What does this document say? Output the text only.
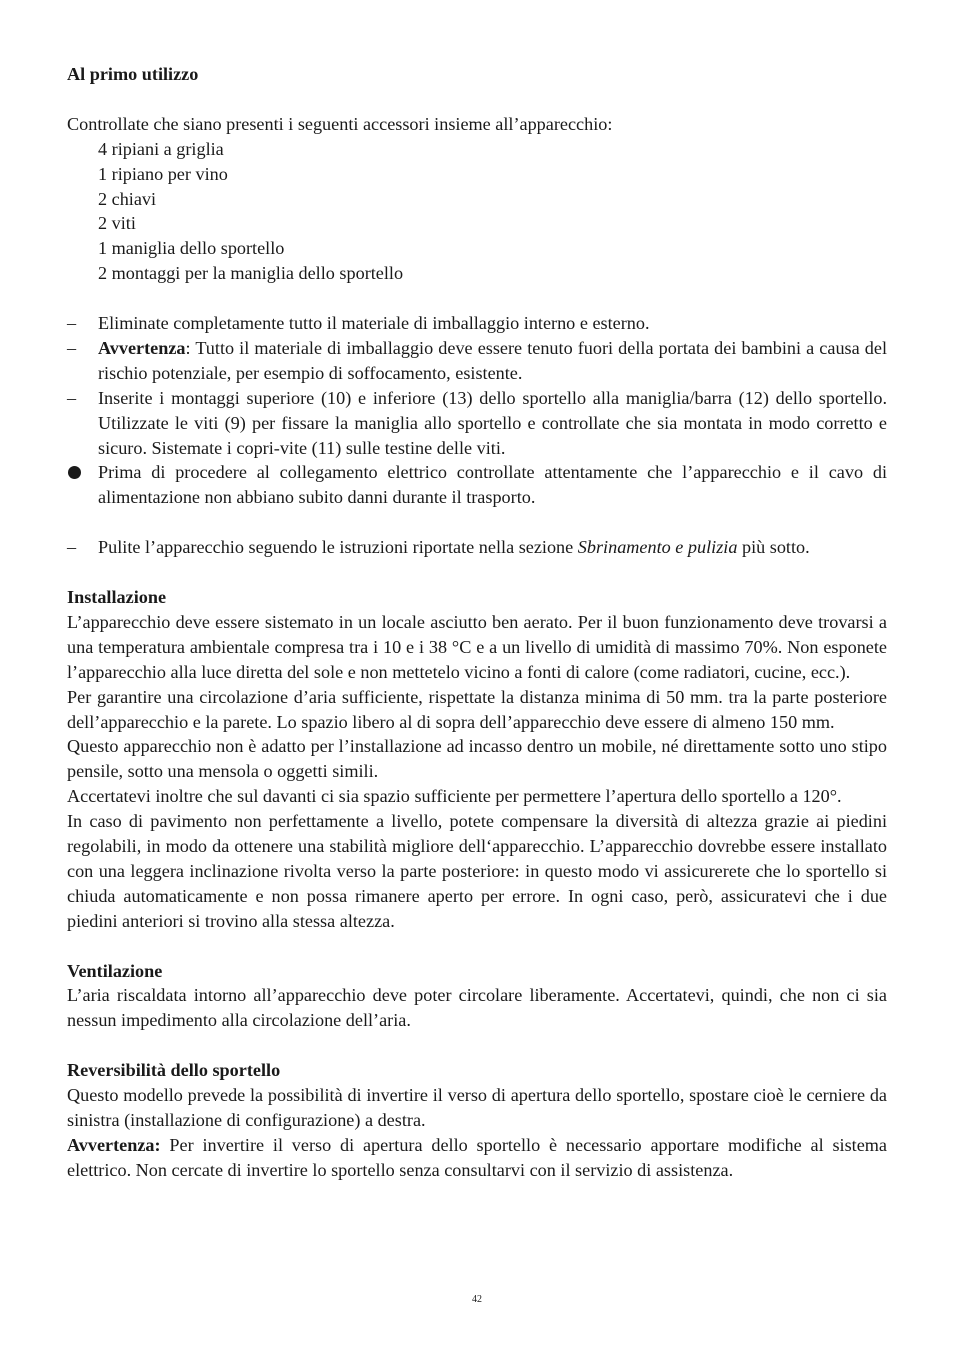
Al primo utilizzo

Controllate che siano presenti i seguenti accessori insieme all’apparecchio:

4 ripiani a griglia
1 ripiano per vino
2 chiavi
2 viti
1 maniglia dello sportello
2 montaggi per la maniglia dello sportello
–	Eliminate completamente tutto il materiale di imballaggio interno e esterno.
–	Avvertenza: Tutto il materiale di imballaggio deve essere tenuto fuori della portata dei bambini a causa del rischio potenziale, per esempio di soffocamento, esistente.
–	Inserite i montaggi superiore (10) e inferiore (13) dello sportello alla maniglia/barra (12) dello sportello. Utilizzate le viti (9) per fissare la maniglia allo sportello e controllate che sia montata in modo corretto e sicuro. Sistemate i copri-vite (11) sulle testine delle viti.
Prima di procedere al collegamento elettrico controllate attentamente che l’apparecchio e il cavo di alimentazione non abbiano subito danni durante il trasporto.
–	Pulite l’apparecchio seguendo le istruzioni riportate nella sezione Sbrinamento e pulizia più sotto.

Installazione

L’apparecchio deve essere sistemato in un locale asciutto ben aerato. Per il buon funzionamento deve trovarsi a una temperatura ambientale compresa tra i 10 e i 38 °C e a un livello di umidità di massimo 70%. Non esponete l’apparecchio alla luce diretta del sole e non mettetelo vicino a fonti di calore (come radiatori, cucine, ecc.).

Per garantire una circolazione d’aria sufficiente, rispettate la distanza minima di 50 mm. tra la parte posteriore dell’apparecchio e la parete. Lo spazio libero al di sopra dell’apparecchio deve essere di almeno 150 mm.

Questo apparecchio non è adatto per l’installazione ad incasso dentro un mobile, né direttamente sotto uno stipo pensile, sotto una mensola o oggetti simili.

Accertatevi inoltre che sul davanti ci sia spazio sufficiente per permettere l’apertura dello sportello a 120°.

In caso di pavimento non perfettamente a livello, potete compensare la diversità di altezza grazie ai piedini regolabili, in modo da ottenere una stabilità migliore dell‘apparecchio. L’apparecchio dovrebbe essere installato con una leggera inclinazione rivolta verso la parte posteriore: in questo modo vi assicurerete che lo sportello si chiuda automaticamente e non possa rimanere aperto per errore. In ogni caso, però, assicuratevi che i due piedini anteriori si trovino alla stessa altezza.

Ventilazione

L’aria riscaldata intorno all’apparecchio deve poter circolare liberamente. Accertatevi, quindi, che non ci sia nessun impedimento alla circolazione dell’aria.

Reversibilità dello sportello

Questo modello prevede la possibilità di invertire il verso di apertura dello sportello, spostare cioè le cerniere da sinistra (installazione di configurazione) a destra.

Avvertenza: Per invertire il verso di apertura dello sportello è necessario apportare modifiche al sistema elettrico. Non cercate di invertire lo sportello senza consultarvi con il servizio di assistenza.

42
